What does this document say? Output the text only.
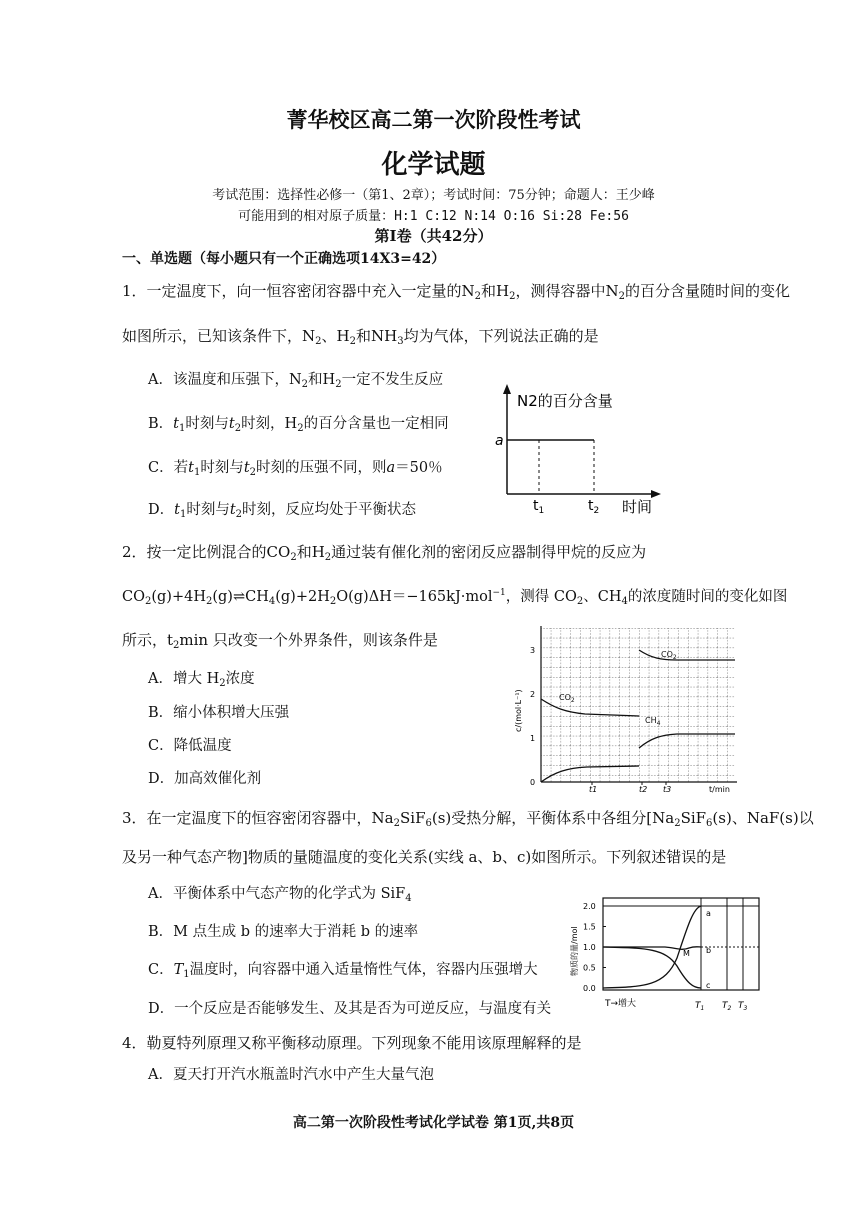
菁华校区高二第一次阶段性考试
化学试题
考试范围：选择性必修一（第1、2章）；考试时间：75分钟；命题人：王少峰
可能用到的相对原子质量：H:1 C:12 N:14 O:16 Si:28 Fe:56
第Ⅰ卷（共42分）
一、单选题（每小题只有一个正确选项14X3=42）
1．一定温度下，向一恒容密闭容器中充入一定量的$N_2$和$H_2$，测得容器中$N_2$的百分含量随时间的变化
如图所示，已知该条件下，$N_2$、$H_2$和$NH_3$均为气体，下列说法正确的是
A．该温度和压强下，$N_2$和$H_2$一定不发生反应
B．$t_1$时刻与$t_2$时刻，$H_2$的百分含量也一定相同
C．若$t_1$时刻与$t_2$时刻的压强不同，则a＝50％
D．$t_1$时刻与$t_2$时刻，反应均处于平衡状态
N2的百分含量
a
$t_1$	$t_2$ 时间
2．按一定比例混合的$CO_2$和$H_2$通过装有催化剂的密闭反应器制得甲烷的反应为
$CO_2(g)+4H_2(g)\rightleftharpoons CH_4(g)+2H_2O(g)\Delta H=-165kJ\cdot mol^{-1}$，测得 $CO_2$、$CH_4$的浓度随时间的变化如图
所示，$t_2\min$ 只改变一个外界条件，则该条件是
A．增大 $H_2$浓度
B．缩小体积增大压强
C．降低温度
D．加高效催化剂
c/(mol·L⁻¹)
t/min
0
1
2
3
t1	t2 t3
$CO_2$
$CO_2$
$CH_4$
3．在一定温度下的恒容密闭容器中，$Na_2SiF_6(s)$受热分解，平衡体系中各组分[$Na_2SiF_6(s)$、NaF(s)以
及另一种气态产物]物质的量随温度的变化关系(实线 a、b、c)如图所示。下列叙述错误的是
A．平衡体系中气态产物的化学式为 SiF$_4$
B．M 点生成 b 的速率大于消耗 b 的速率
C．$T_1$温度时，向容器中通入适量惰性气体，容器内压强增大
D．一个反应是否能够发生、及其是否为可逆反应，与温度有关
物质的量/mol
0.0
0.5
1.0
1.5
2.0
a
b
c
M
T→增大	$T_1$ $T_2$ $T_3$
4．勒夏特列原理又称平衡移动原理。下列现象不能用该原理解释的是
A．夏天打开汽水瓶盖时汽水中产生大量气泡
高二第一次阶段性考试化学试卷 第1页,共8页
